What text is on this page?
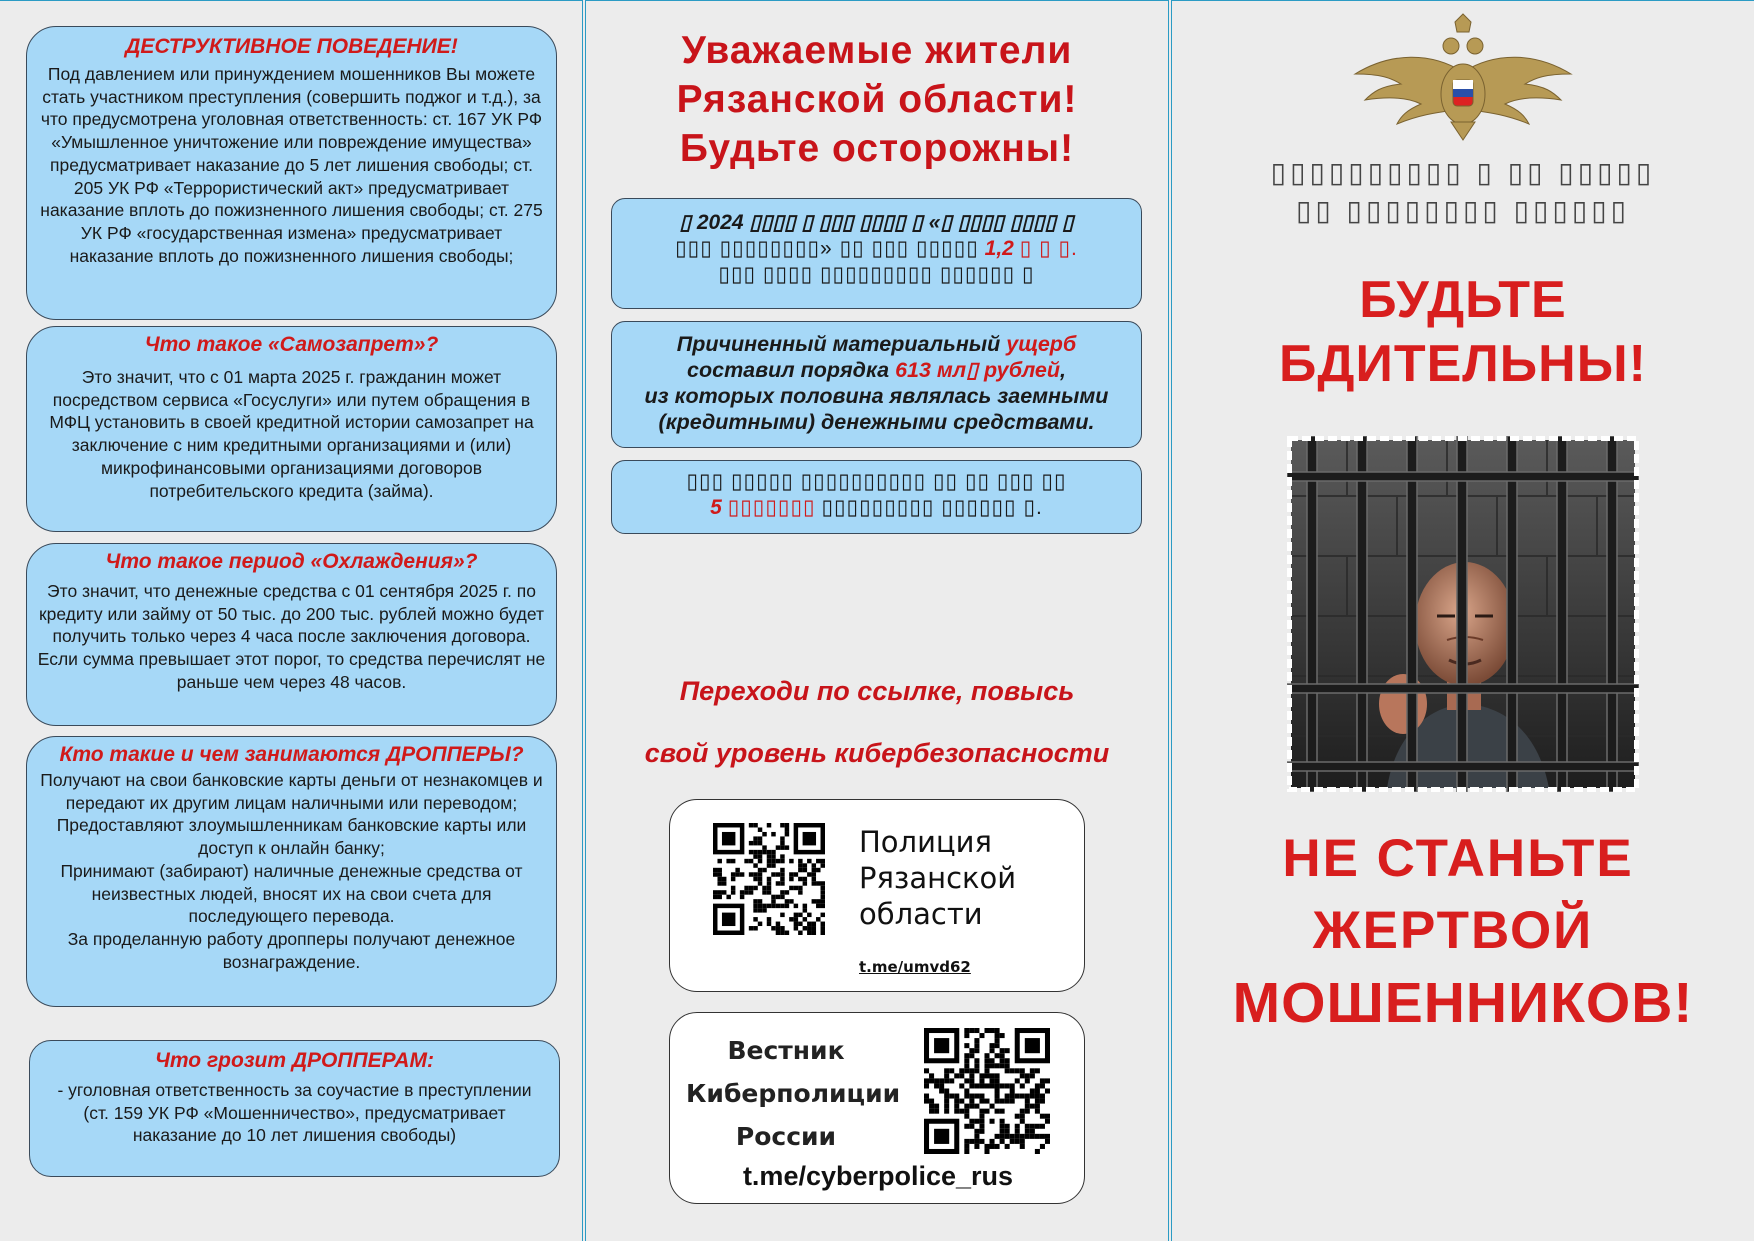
ДЕСТРУКТИВНОЕ ПОВЕДЕНИЕ!

Под давлением или принуждением мошенников Вы можете стать участником преступления (совершить поджог и т.д.), за что предусмотрена уголовная ответственность: ст. 167 УК РФ «Умышленное уничтожение или повреждение имущества» предусматривает наказание до 5 лет лишения свободы; ст. 205 УК РФ «Террористический акт» предусматривает наказание вплоть до пожизненного лишения свободы; ст. 275 УК РФ «государственная измена» предусматривает наказание вплоть до пожизненного лишения свободы;

Что такое «Самозапрет»?

Это значит, что с 01 марта 2025 г. гражданин может посредством сервиса «Госуслуги» или путем обращения в МФЦ установить в своей кредитной истории самозапрет на заключение с ним кредитными организациями и (или) микрофинансовыми организациями договоров потребительского кредита (займа).

Что такое период «Охлаждения»?

Это значит, что денежные средства с 01 сентября 2025 г. по кредиту или займу от 50 тыс. до 200 тыс. рублей можно будет получить только через 4 часа после заключения договора.

Если сумма превышает этот порог, то средства перечислят не раньше чем через 48 часов.

Кто такие и чем занимаются ДРОППЕРЫ?

Получают на свои банковские карты деньги от незнакомцев и передают их другим лицам наличными или переводом;

Предоставляют злоумышленникам банковские карты или доступ к онлайн банку;

Принимают (забирают) наличные денежные средства от неизвестных людей, вносят их на свои счета для последующего перевода.

За проделанную работу дропперы получают денежное вознаграждение.

Что грозит ДРОППЕРАМ:

- уголовная ответственность за соучастие в преступлении (ст. 159 УК РФ «Мошенничество», предусматривает наказание до 10 лет лишения свободы)

Уважаемые жители
Рязанской области!
Будьте осторожны!
▯ 2024 ▯▯▯▯ ▯ ▯▯▯ ▯▯▯▯ ▯ «▯ ▯▯▯▯ ▯▯▯▯ ▯
▯▯▯ ▯▯▯▯▯▯▯▯» ▯▯ ▯▯▯ ▯▯▯▯▯ 1,2 ▯ ▯ ▯.
▯▯▯ ▯▯▯▯ ▯▯▯▯▯▯▯▯▯ ▯▯▯▯▯▯ ▯
Причиненный материальный ущерб
составил порядка 613 мл▯ рублей,
из которых половина являлась заемными
(кредитными) денежными средствами.
▯▯▯ ▯▯▯▯▯ ▯▯▯▯▯▯▯▯▯▯ ▯▯ ▯▯ ▯▯▯ ▯▯
5 ▯▯▯▯▯▯▯ ▯▯▯▯▯▯▯▯▯ ▯▯▯▯▯▯ ▯.
Переходи по ссылке, повысь
свой уровень кибербезопасности
Полиция
Рязанской
области
t.me/umvd62
Вестник
Киберполиции
России
t.me/cyberpolice_rus
▯▯▯▯▯▯▯▯▯▯ ▯ ▯▯ ▯▯▯▯▯
▯▯ ▯▯▯▯▯▯▯▯ ▯▯▯▯▯▯
БУДЬТЕ
БДИТЕЛЬНЫ!
НЕ СТАНЬТЕ
ЖЕРТВОЙ
МОШЕННИКОВ!
